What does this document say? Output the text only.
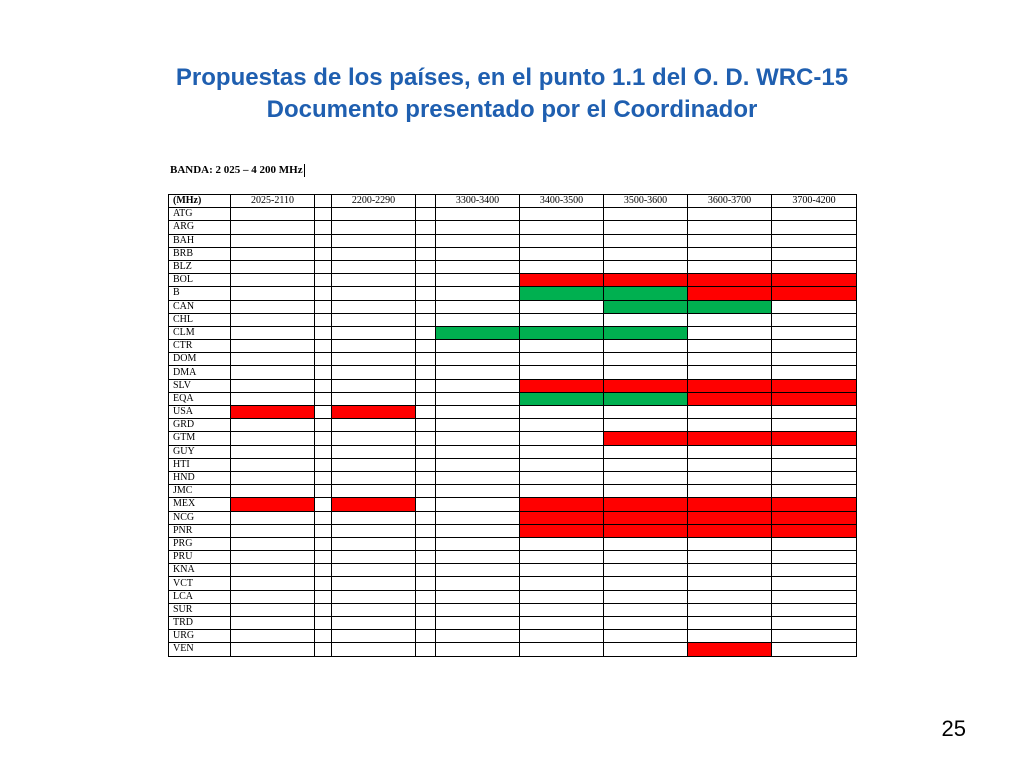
Propuestas de los países, en el punto 1.1 del O. D. WRC-15
Documento presentado por el Coordinador
BANDA: 2 025 – 4 200 MHz
(MHz)	2025-2110		2200-2290		3300-3400	3400-3500	3500-3600	3600-3700	3700-4200
ATG									
ARG									
BAH									
BRB									
BLZ									
BOL									
B									
CAN									
CHL									
CLM									
CTR									
DOM									
DMA									
SLV									
EQA									
USA									
GRD									
GTM									
GUY									
HTI									
HND									
JMC									
MEX									
NCG									
PNR									
PRG									
PRU									
KNA									
VCT									
LCA									
SUR									
TRD									
URG									
VEN									
25
